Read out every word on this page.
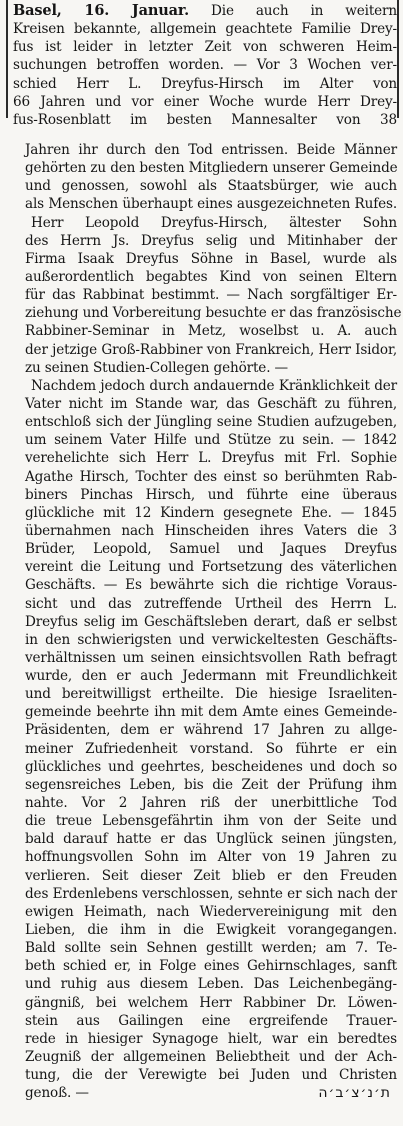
Basel, 16. Januar. Die auch in weitern
Kreisen bekannte, allgemein geachtete Familie Drey-
fus ist leider in letzter Zeit von schweren Heim-
suchungen betroffen worden. — Vor 3 Wochen ver-
schied Herr L. Dreyfus-Hirsch im Alter von
66 Jahren und vor einer Woche wurde Herr Drey-
fus-Rosenblatt im besten Mannesalter von 38
Jahren ihr durch den Tod entrissen. Beide Männer
gehörten zu den besten Mitgliedern unserer Gemeinde
und genossen, sowohl als Staatsbürger, wie auch
als Menschen überhaupt eines ausgezeichneten Rufes.
Herr Leopold Dreyfus-Hirsch, ältester Sohn
des Herrn Js. Dreyfus selig und Mitinhaber der
Firma Isaak Dreyfus Söhne in Basel, wurde als
außerordentlich begabtes Kind von seinen Eltern
für das Rabbinat bestimmt. — Nach sorgfältiger Er-
ziehung und Vorbereitung besuchte er das französische
Rabbiner-Seminar in Metz, woselbst u. A. auch
der jetzige Groß-Rabbiner von Frankreich, Herr Isidor,
zu seinen Studien-Collegen gehörte. —
Nachdem jedoch durch andauernde Kränklichkeit der
Vater nicht im Stande war, das Geschäft zu führen,
entschloß sich der Jüngling seine Studien aufzugeben,
um seinem Vater Hilfe und Stütze zu sein. — 1842
verehelichte sich Herr L. Dreyfus mit Frl. Sophie
Agathe Hirsch, Tochter des einst so berühmten Rab-
biners Pinchas Hirsch, und führte eine überaus
glückliche mit 12 Kindern gesegnete Ehe. — 1845
übernahmen nach Hinscheiden ihres Vaters die 3
Brüder, Leopold, Samuel und Jaques Dreyfus
vereint die Leitung und Fortsetzung des väterlichen
Geschäfts. — Es bewährte sich die richtige Voraus-
sicht und das zutreffende Urtheil des Herrn L.
Dreyfus selig im Geschäftsleben derart, daß er selbst
in den schwierigsten und verwickeltesten Geschäfts-
verhältnissen um seinen einsichtsvollen Rath befragt
wurde, den er auch Jedermann mit Freundlichkeit
und bereitwilligst ertheilte. Die hiesige Israeliten-
gemeinde beehrte ihn mit dem Amte eines Gemeinde-
Präsidenten, dem er während 17 Jahren zu allge-
meiner Zufriedenheit vorstand. So führte er ein
glückliches und geehrtes, bescheidenes und doch so
segensreiches Leben, bis die Zeit der Prüfung ihm
nahte. Vor 2 Jahren riß der unerbittliche Tod
die treue Lebensgefährtin ihm von der Seite und
bald darauf hatte er das Unglück seinen jüngsten,
hoffnungsvollen Sohn im Alter von 19 Jahren zu
verlieren. Seit dieser Zeit blieb er den Freuden
des Erdenlebens verschlossen, sehnte er sich nach der
ewigen Heimath, nach Wiedervereinigung mit den
Lieben, die ihm in die Ewigkeit vorangegangen.
Bald sollte sein Sehnen gestillt werden; am 7. Te-
beth schied er, in Folge eines Gehirnschlages, sanft
und ruhig aus diesem Leben. Das Leichenbegäng-
gängniß, bei welchem Herr Rabbiner Dr. Löwen-
stein aus Gailingen eine ergreifende Trauer-
rede in hiesiger Synagoge hielt, war ein beredtes
Zeugniß der allgemeinen Beliebtheit und der Ach-
tung, die der Verewigte bei Juden und Christen
genoß. —	ת׳נ׳צ׳ב׳ה
